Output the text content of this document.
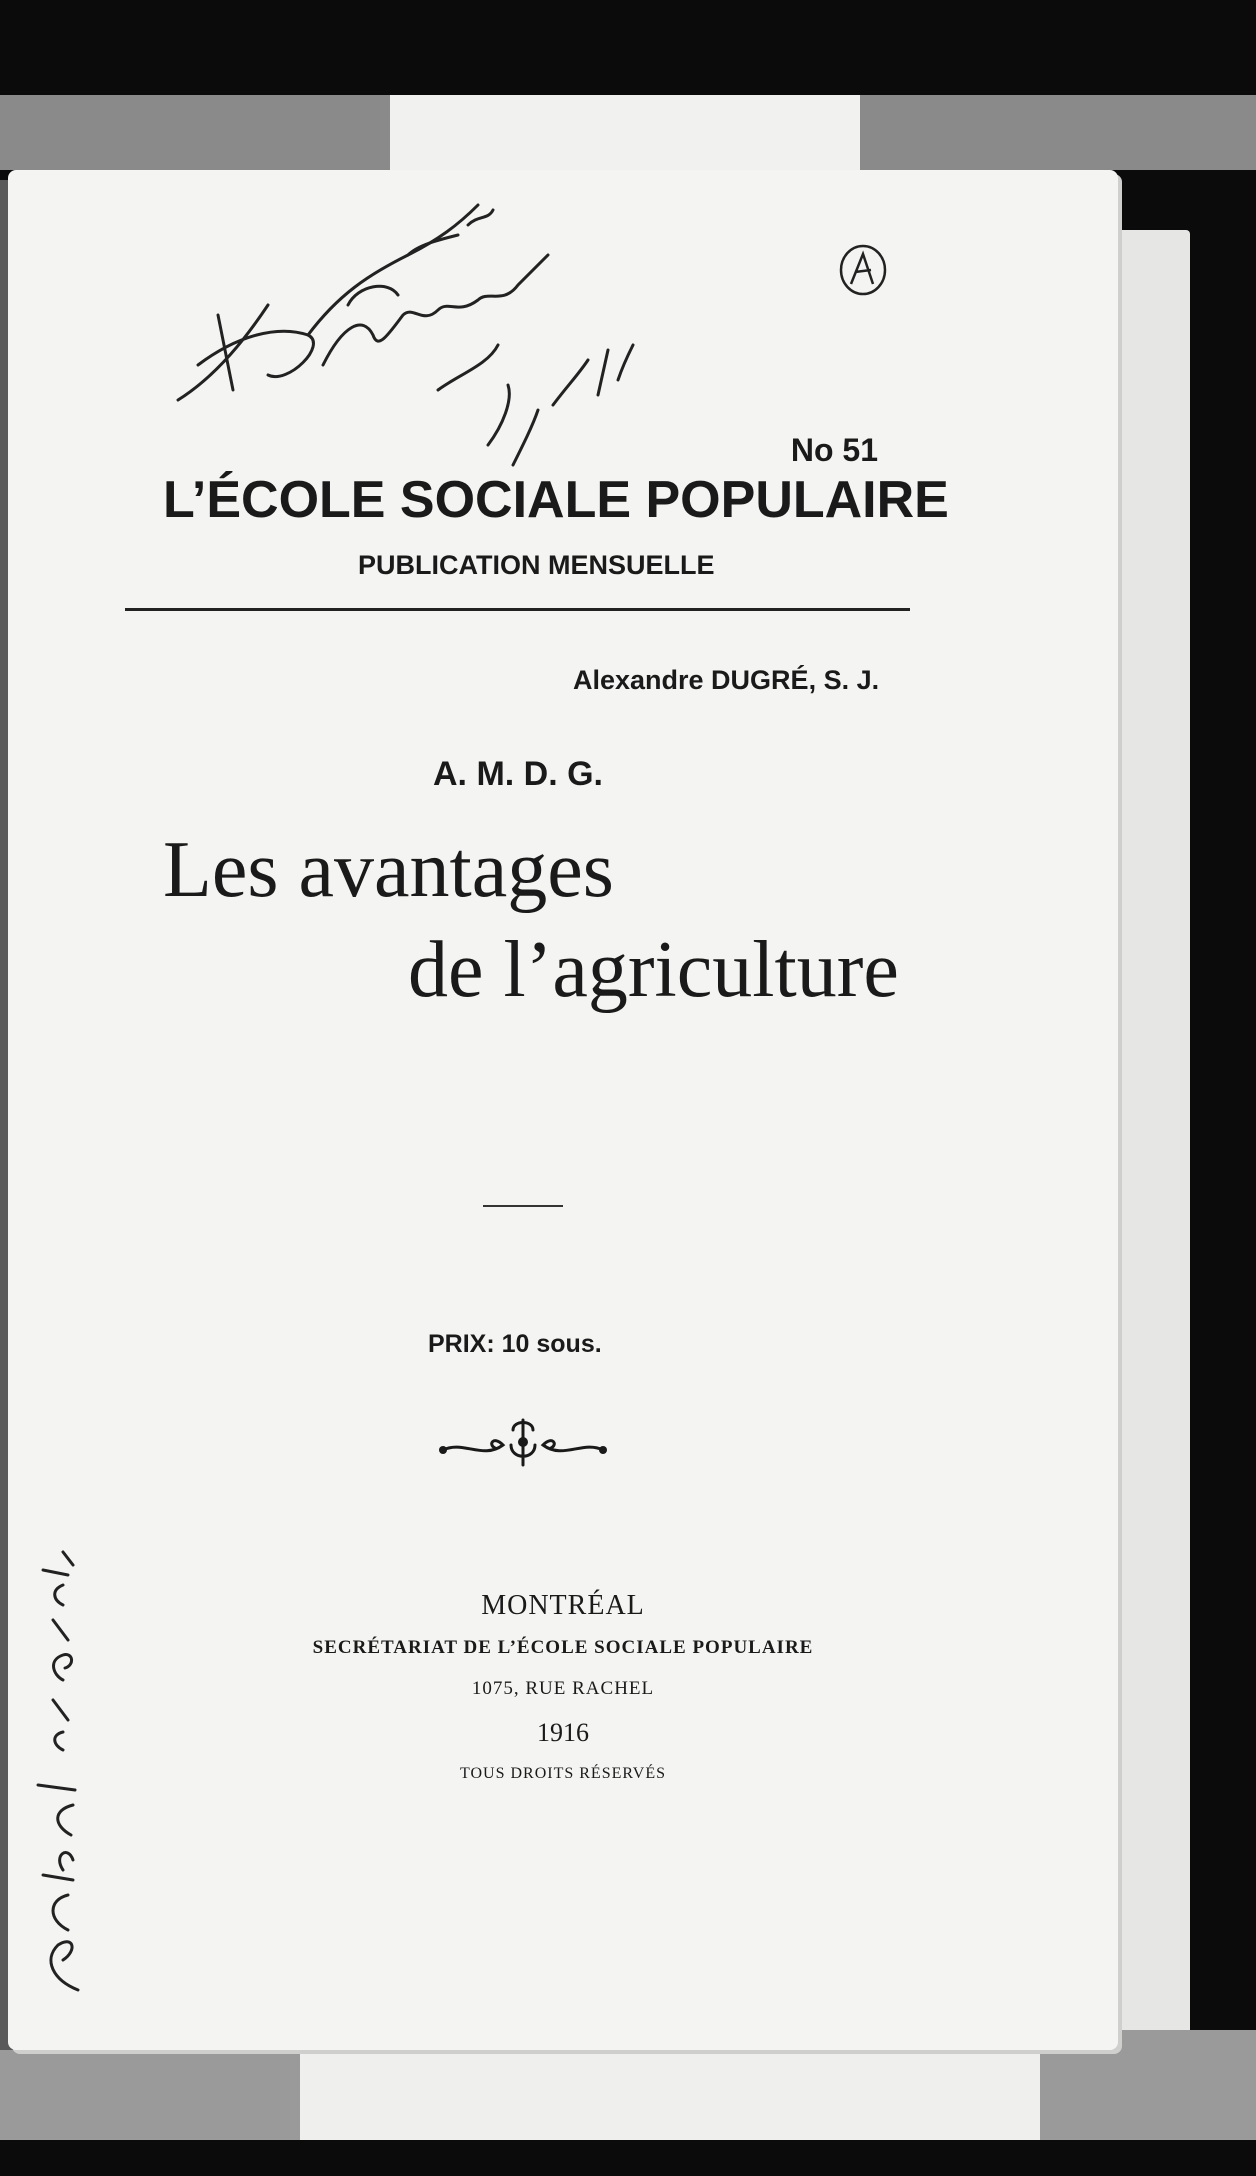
No 51
L’ÉCOLE SOCIALE POPULAIRE
PUBLICATION MENSUELLE
Alexandre DUGRÉ, S. J.
A. M. D. G.
Les avantages
de l’agriculture
PRIX: 10 sous.
MONTRÉAL
SECRÉTARIAT DE L’ÉCOLE SOCIALE POPULAIRE
1075, RUE RACHEL
1916
TOUS DROITS RÉSERVÉS
